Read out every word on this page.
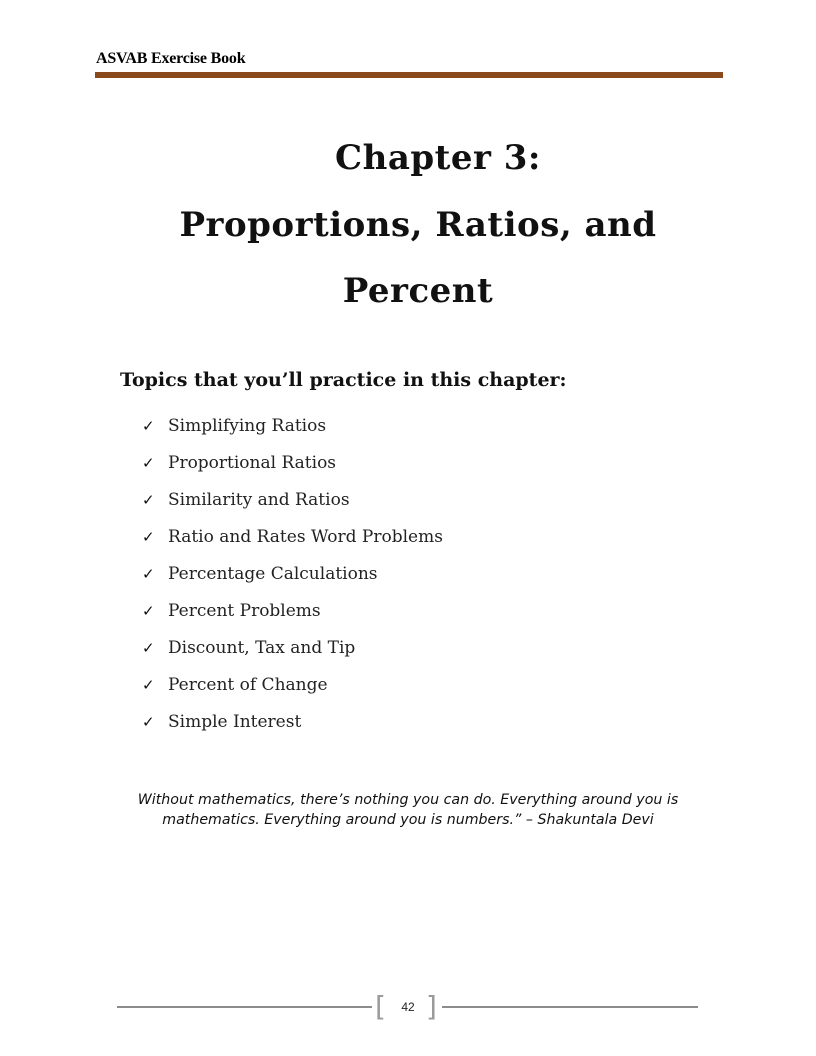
ASVAB Exercise Book
Chapter 3:
Proportions, Ratios, and
Percent
Topics that you’ll practice in this chapter:
✓ Simplifying Ratios
✓ Proportional Ratios
✓ Similarity and Ratios
✓ Ratio and Rates Word Problems
✓ Percentage Calculations
✓ Percent Problems
✓ Discount, Tax and Tip
✓ Percent of Change
✓ Simple Interest
Without mathematics, there’s nothing you can do. Everything around you is mathematics. Everything around you is numbers.” – Shakuntala Devi
[	42 ]
